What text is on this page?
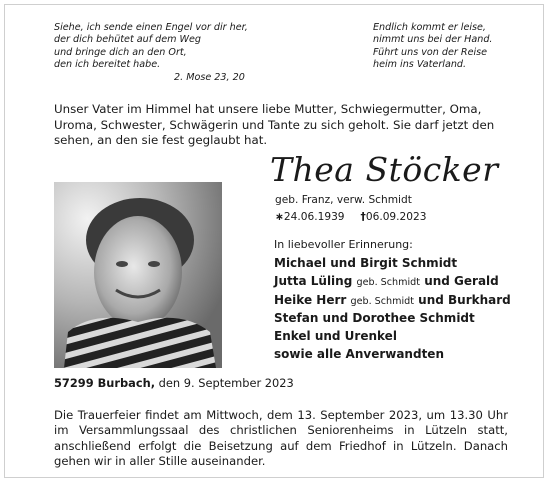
Siehe, ich sende einen Engel vor dir her,
der dich behütet auf dem Weg
und bringe dich an den Ort,
den ich bereitet habe.
2. Mose 23, 20
Endlich kommt er leise,
nimmt uns bei der Hand.
Führt uns von der Reise
heim ins Vaterland.

Unser Vater im Himmel hat unsere liebe Mutter, Schwiegermutter, Oma, Uroma, Schwester, Schwägerin und Tante zu sich geholt. Sie darf jetzt den sehen, an den sie fest geglaubt hat.

Thea Stöcker

geb. Franz, verw. Schmidt

∗24.06.1939 †06.09.2023

In liebevoller Erinnerung:

Michael und Birgit Schmidt
Jutta Lüling geb. Schmidt und Gerald
Heike Herr geb. Schmidt und Burkhard
Stefan und Dorothee Schmidt
Enkel und Urenkel
sowie alle Anverwandten

57299 Burbach, den 9. September 2023

Die Trauerfeier findet am Mittwoch, dem 13. September 2023, um 13.30 Uhr im Versammlungssaal des christlichen Seniorenheims in Lützeln statt, anschließend erfolgt die Beisetzung auf dem Friedhof in Lützeln. Danach gehen wir in aller Stille auseinander.
